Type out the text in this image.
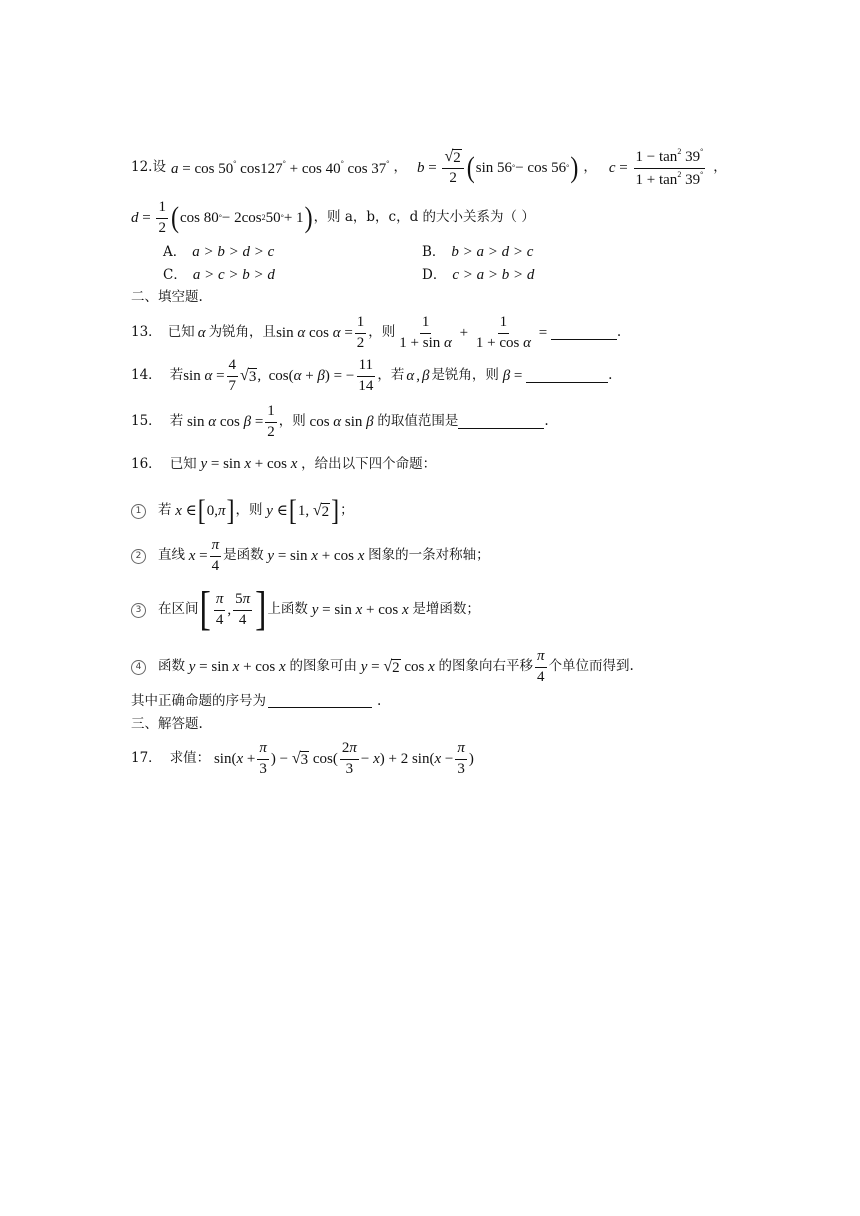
12. 设 a = cos 50° cos127° + cos 40° cos 37° ， $b = \frac{√ 2}{2}$ ( sin 56 ° − cos 56 ° ) ， $c = \frac{1 - \tan^2 39^\circ}{1 + \tan^2 39^\circ}$ ，
$d = \frac{1}{2}$ ( cos 80 ° − 2cos 2 50 ° + 1 ) ，则 a，b，c，d 的大小关系为（ ）
A． a > b > d > c	B． b > a > d > c
C． a > c > b > d	D． c > a > b > d
二、填空题.
13． 已知 α 为锐角，且 sin α $\cos \alpha = \frac{1}{2}$ ，则 $\frac{1}{\text{1 + sin α}} + \frac{1}{\text{1 + cos α}}$ =	.
14． 若 $\sin \alpha = \frac{4}{7}$ √ 3 ,  cos( α + β ) = − $\frac{11}{14}$ ，若 α , β 是锐角，则 β =	.
15． 若 sin α $\cos \beta = \frac{1}{2}$ ，则 cos α sin β 的取值范围是	.
16． 已知 y = sin x + cos x ，给出以下四个命题：
1	若
x ∈ [ 0, π ] ，则
y ∈ [ 1, √ 2 ] ；
2	直线
$x = \frac{\pi}{4}$ 是函数 y = sin x + cos x 图象的一条对称轴；
3	在区间 [ $\frac{\pi}{4}$ , $\frac{5\pi}{4}$ ] 上函数 y = sin x + cos x 是增函数；
4	函数 y = sin x + cos x 的图象可由
y = √ 2 cos x
的图象向右平移 $\frac{\pi}{4}$ 个单位而得到.
其中正确命题的序号为	.
三、解答题.
17． 求值： sin( $x + \frac{\pi}{3}$ ) − √ 3 $\cos( \frac{2\pi}{3} - x$ ) + 2 sin( $x - \frac{\pi}{3}$ )
